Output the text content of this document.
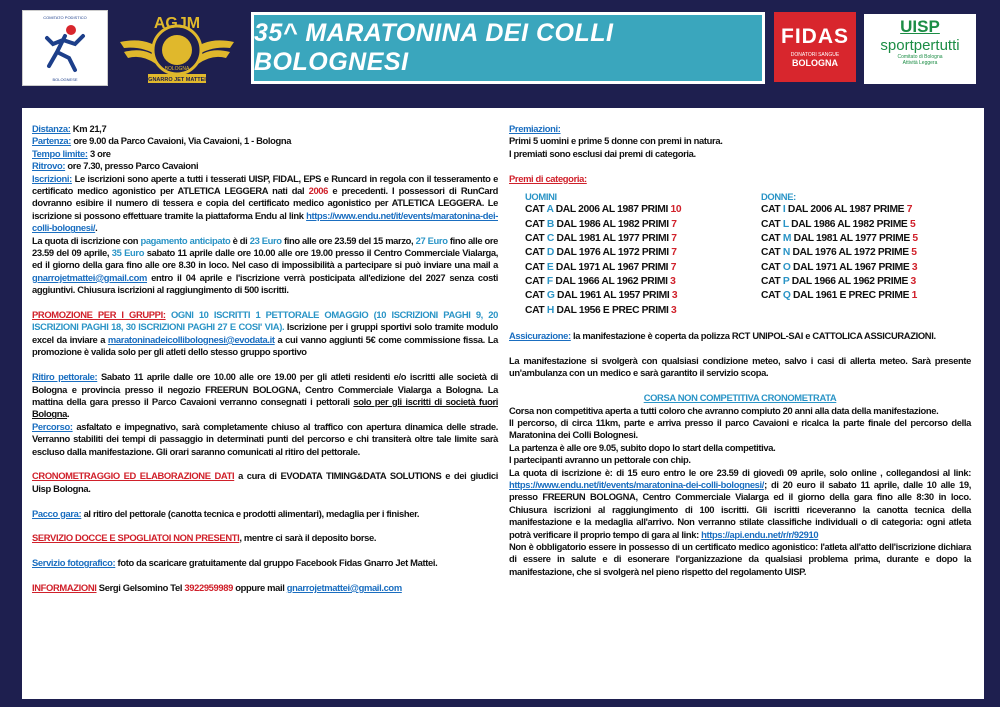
COMITATO PODISTICO
BOLOGNESE	GNARRO JET MATTEI
AGJM
BOLOGNA
35^ MARATONINA DEI COLLI BOLOGNESI
FIDAS
DONATORI SANGUE
BOLOGNA
UISP
sportpertutti
Comitato di Bologna
Attività Leggera

Distanza: Km 21,7

Partenza: ore 9.00 da Parco Cavaioni, Via Cavaioni, 1 - Bologna

Tempo limite: 3 ore

Ritrovo: ore 7.30, presso Parco Cavaioni

Iscrizioni: Le iscrizioni sono aperte a tutti i tesserati UISP, FIDAL, EPS e Runcard in regola con il tesseramento e certificato medico agonistico per ATLETICA LEGGERA nati dal 2006 e precedenti. I possessori di RunCard dovranno esibire il numero di tessera e copia del certificato medico agonistico per ATLETICA LEGGERA. Le iscrizione si possono effettuare tramite la piattaforma Endu al link https://www.endu.net/it/events/maratonina-dei-colli-bolognesi/.

La quota di iscrizione con pagamento anticipato è di 23 Euro fino alle ore 23.59 del 15 marzo, 27 Euro fino alle ore 23.59 del 09 aprile, 35 Euro sabato 11 aprile dalle ore 10.00 alle ore 19.00 presso il Centro Commerciale Vialarga, ed il giorno della gara fino alle ore 8.30 in loco. Nel caso di impossibilità a partecipare si può inviare una mail a gnarrojetmattei@gmail.com entro il 04 aprile e l'iscrizione verrà posticipata all'edizione del 2027 senza costi aggiuntivi. Chiusura iscrizioni al raggiungimento di 500 iscritti.

PROMOZIONE PER I GRUPPI: OGNI 10 ISCRITTI 1 PETTORALE OMAGGIO (10 ISCRIZIONI PAGHI 9, 20 ISCRIZIONI PAGHI 18, 30 ISCRIZIONI PAGHI 27 E COSI' VIA). Iscrizione per i gruppi sportivi solo tramite modulo excel da inviare a maratoninadeicollibolognesi@evodata.it a cui vanno aggiunti 5€ come commissione fissa. La promozione è valida solo per gli atleti dello stesso gruppo sportivo

Ritiro pettorale: Sabato 11 aprile dalle ore 10.00 alle ore 19.00 per gli atleti residenti e/o iscritti alle società di Bologna e provincia presso il negozio FREERUN BOLOGNA, Centro Commerciale Vialarga a Bologna. La mattina della gara presso il Parco Cavaioni verranno consegnati i pettorali solo per gli iscritti di società fuori Bologna.

Percorso: asfaltato e impegnativo, sarà completamente chiuso al traffico con apertura dinamica delle strade. Verranno stabiliti dei tempi di passaggio in determinati punti del percorso e chi transiterà oltre tale limite sarà escluso dalla manifestazione. Gli orari saranno comunicati al ritiro del pettorale.

CRONOMETRAGGIO ED ELABORAZIONE DATI a cura di EVODATA TIMING&DATA SOLUTIONS e dei giudici Uisp Bologna.

Pacco gara: al ritiro del pettorale (canotta tecnica e prodotti alimentari), medaglia per i finisher.

SERVIZIO DOCCE E SPOGLIATOI NON PRESENTI, mentre ci sarà il deposito borse.

Servizio fotografico: foto da scaricare gratuitamente dal gruppo Facebook Fidas Gnarro Jet Mattei.

INFORMAZIONI Sergi Gelsomino Tel 3922959989 oppure mail gnarrojetmattei@gmail.com

Premiazioni:

Primi 5 uomini e prime 5 donne con premi in natura.

I premiati sono esclusi dai premi di categoria.

Premi di categoria:

UOMINI

CAT A DAL 2006 AL 1987 PRIMI 10

CAT B DAL 1986 AL 1982 PRIMI 7

CAT C DAL 1981 AL 1977 PRIMI 7

CAT D DAL 1976 AL 1972 PRIMI 7

CAT E DAL 1971 AL 1967 PRIMI 7

CAT F DAL 1966 AL 1962 PRIMI 3

CAT G DAL 1961 AL 1957 PRIMI 3

CAT H DAL 1956 E PREC PRIMI 3

DONNE:

CAT I DAL 2006 AL 1987 PRIME 7

CAT L DAL 1986 AL 1982 PRIME 5

CAT M DAL 1981 AL 1977 PRIME 5

CAT N DAL 1976 AL 1972 PRIME 5

CAT O DAL 1971 AL 1967 PRIME 3

CAT P DAL 1966 AL 1962 PRIME 3

CAT Q DAL 1961 E PREC PRIME 1

Assicurazione: la manifestazione è coperta da polizza RCT UNIPOL-SAI e CATTOLICA ASSICURAZIONI.

La manifestazione si svolgerà con qualsiasi condizione meteo, salvo i casi di allerta meteo. Sarà presente un'ambulanza con un medico e sarà garantito il servizio scopa.

CORSA NON COMPETITIVA CRONOMETRATA

Corsa non competitiva aperta a tutti coloro che avranno compiuto 20 anni alla data della manifestazione.

Il percorso, di circa 11km, parte e arriva presso il parco Cavaioni e ricalca la parte finale del percorso della Maratonina dei Colli Bolognesi.

La partenza è alle ore 9.05, subito dopo lo start della competitiva.

I partecipanti avranno un pettorale con chip.

La quota di iscrizione è: di 15 euro entro le ore 23.59 di giovedì 09 aprile, solo online , collegandosi al link: https://www.endu.net/it/events/maratonina-dei-colli-bolognesi/; di 20 euro il sabato 11 aprile, dalle 10 alle 19, presso FREERUN BOLOGNA, Centro Commerciale Vialarga ed il giorno della gara fino alle 8:30 in loco. Chiusura iscrizioni al raggiungimento di 100 iscritti. Gli iscritti riceveranno la canotta tecnica della manifestazione e la medaglia all'arrivo. Non verranno stilate classifiche individuali o di categoria: ogni atleta potrà verificare il proprio tempo di gara al link: https://api.endu.net/r/r/92910

Non è obbligatorio essere in possesso di un certificato medico agonistico: l'atleta all'atto dell'iscrizione dichiara di essere in salute e di esonerare l'organizzazione da qualsiasi problema prima, durante e dopo la manifestazione, che si svolgerà nel pieno rispetto del regolamento UISP.
